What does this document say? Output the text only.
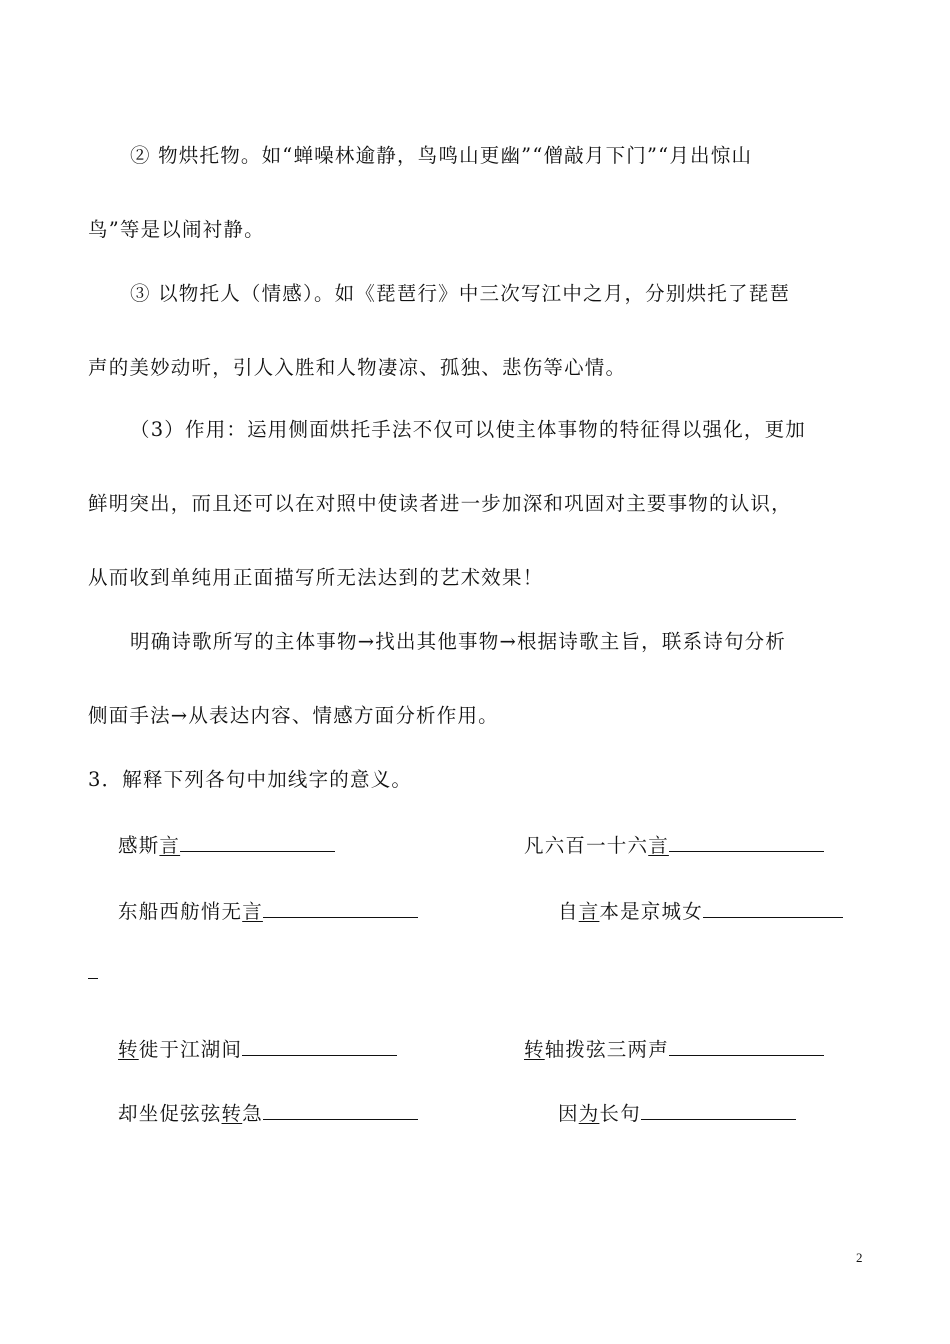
② 物烘托物。如“蝉噪林逾静，鸟鸣山更幽”“僧敲月下门”“月出惊山
鸟”等是以闹衬静。
③ 以物托人（情感）。如《琵琶行》中三次写江中之月，分别烘托了琵琶
声的美妙动听，引人入胜和人物凄凉、孤独、悲伤等心情。
（3）作用：运用侧面烘托手法不仅可以使主体事物的特征得以强化，更加
鲜明突出，而且还可以在对照中使读者进一步加深和巩固对主要事物的认识，
从而收到单纯用正面描写所无法达到的艺术效果！
明确诗歌所写的主体事物→找出其他事物→根据诗歌主旨，联系诗句分析
侧面手法→从表达内容、情感方面分析作用。
3．解释下列各句中加线字的意义。
感斯言	凡六百一十六言
东船西舫悄无言	自言本是京城女
转徙于江湖间	转轴拨弦三两声
却坐促弦弦转急	因为长句
2
